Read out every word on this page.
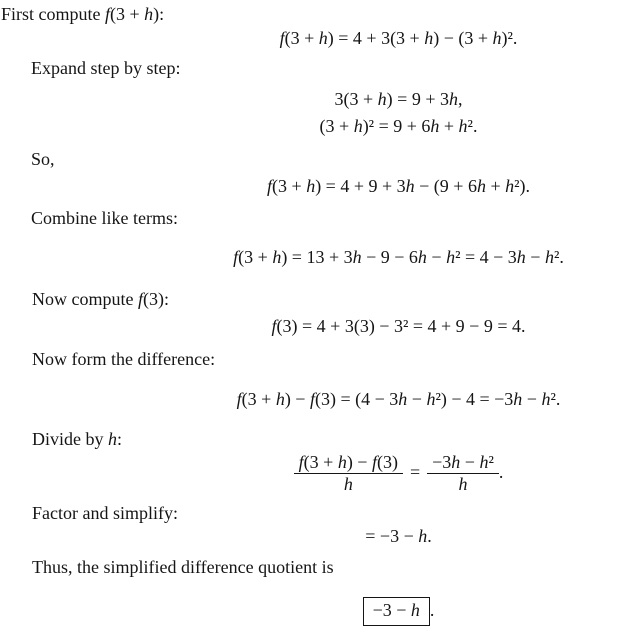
First compute f(3 + h):
f(3 + h) = 4 + 3(3 + h) − (3 + h)².
Expand step by step:
3(3 + h) = 9 + 3h,
(3 + h)² = 9 + 6h + h².
So,
f(3 + h) = 4 + 9 + 3h − (9 + 6h + h²).
Combine like terms:
f(3 + h) = 13 + 3h − 9 − 6h − h² = 4 − 3h − h².
Now compute f(3):
f(3) = 4 + 3(3) − 3² = 4 + 9 − 9 = 4.
Now form the difference:
f(3 + h) − f(3) = (4 − 3h − h²) − 4 = −3h − h².
Divide by h:
$\frac{f(3 + h) - f(3)}{h} = \frac{\text{−3h − h²}}{h}$ .
Factor and simplify:
= −3 − h.
Thus, the simplified difference quotient is
−3 − h .
